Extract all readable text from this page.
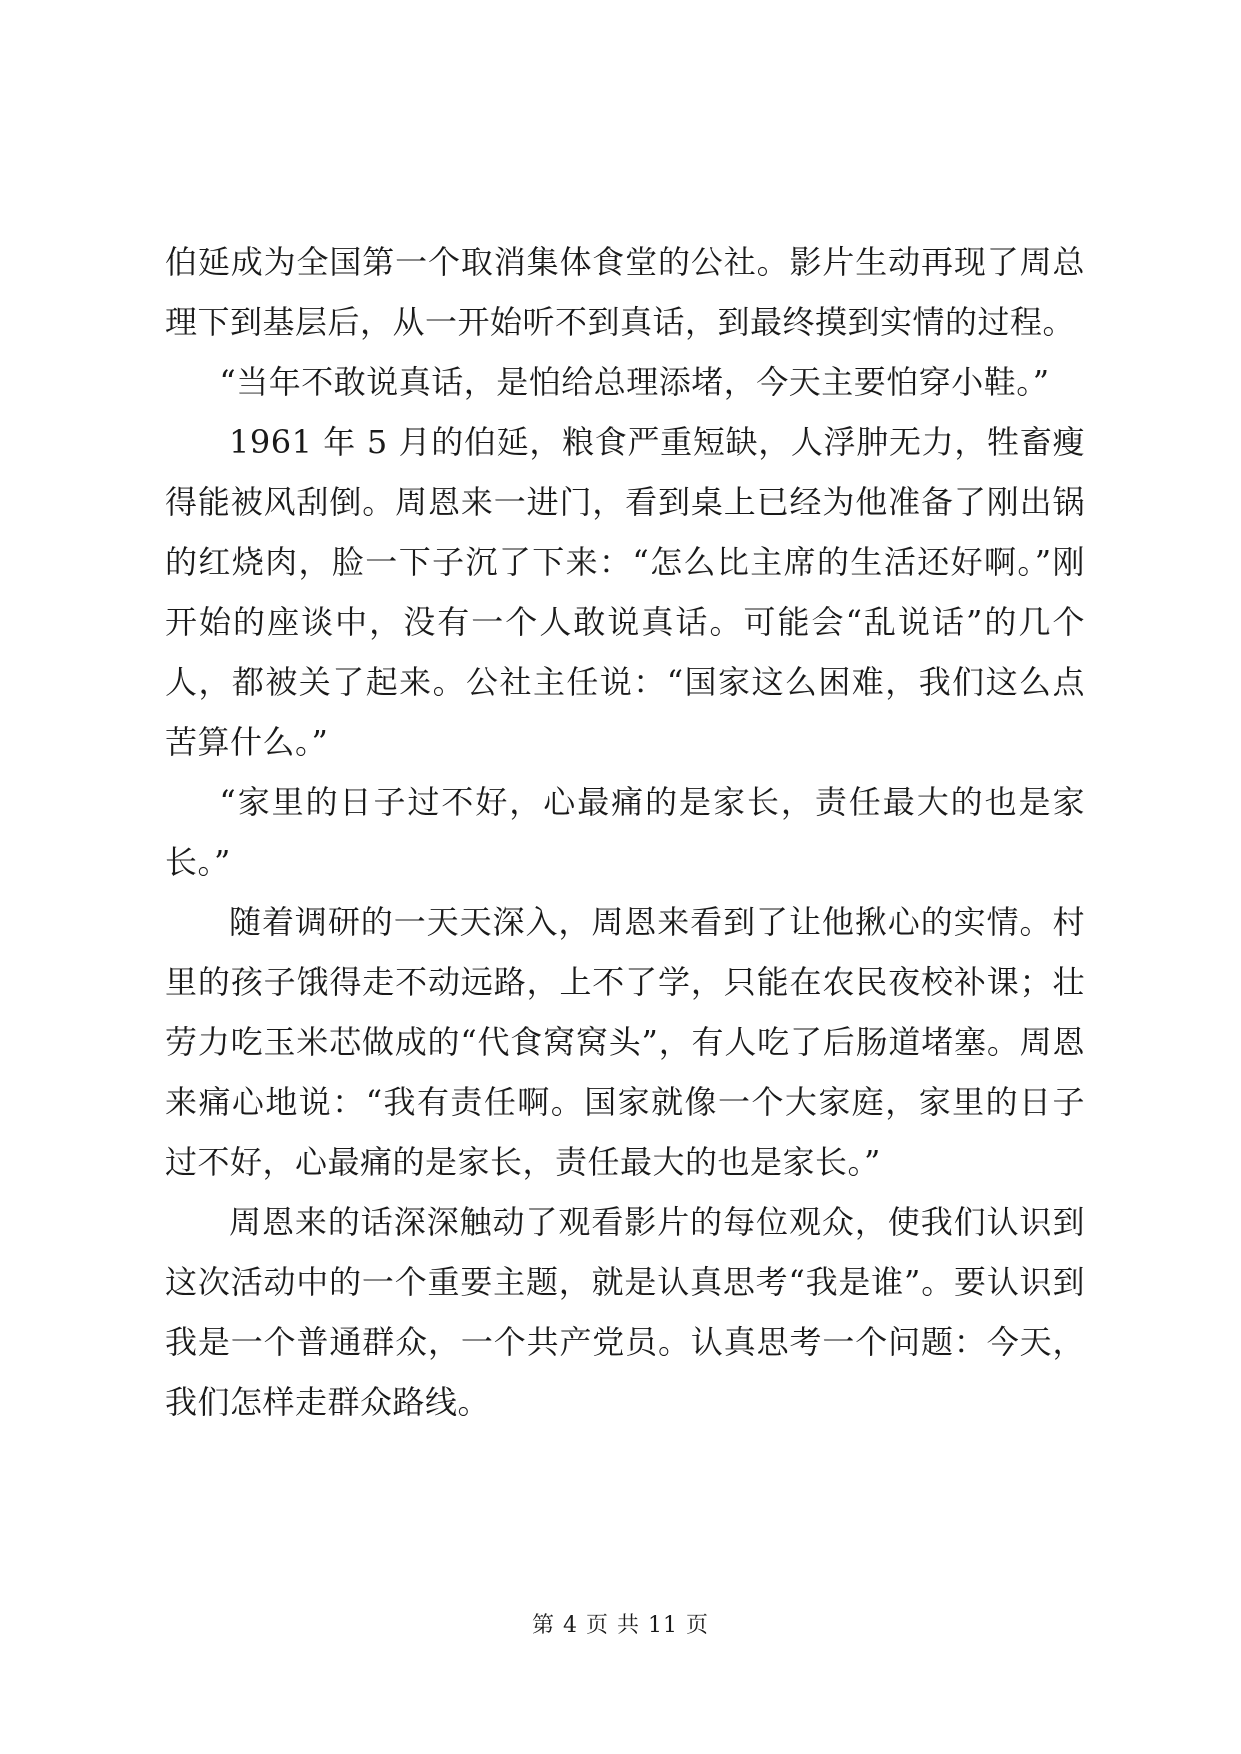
伯延成为全国第一个取消集体食堂的公社。影片生动再现了周总理下到基层后，从一开始听不到真话，到最终摸到实情的过程。

“当年不敢说真话，是怕给总理添堵，今天主要怕穿小鞋。”

1961 年 5 月的伯延，粮食严重短缺，人浮肿无力，牲畜瘦得能被风刮倒。周恩来一进门，看到桌上已经为他准备了刚出锅的红烧肉，脸一下子沉了下来：“怎么比主席的生活还好啊。”刚开始的座谈中，没有一个人敢说真话。可能会“乱说话”的几个人，都被关了起来。公社主任说：“国家这么困难，我们这么点苦算什么。”

“家里的日子过不好，心最痛的是家长，责任最大的也是家长。”

随着调研的一天天深入，周恩来看到了让他揪心的实情。村里的孩子饿得走不动远路，上不了学，只能在农民夜校补课；壮劳力吃玉米芯做成的“代食窝窝头”，有人吃了后肠道堵塞。周恩来痛心地说：“我有责任啊。国家就像一个大家庭，家里的日子过不好，心最痛的是家长，责任最大的也是家长。”

周恩来的话深深触动了观看影片的每位观众，使我们认识到这次活动中的一个重要主题，就是认真思考“我是谁”。要认识到我是一个普通群众，一个共产党员。认真思考一个问题：今天，我们怎样走群众路线。

第 4 页 共 11 页
